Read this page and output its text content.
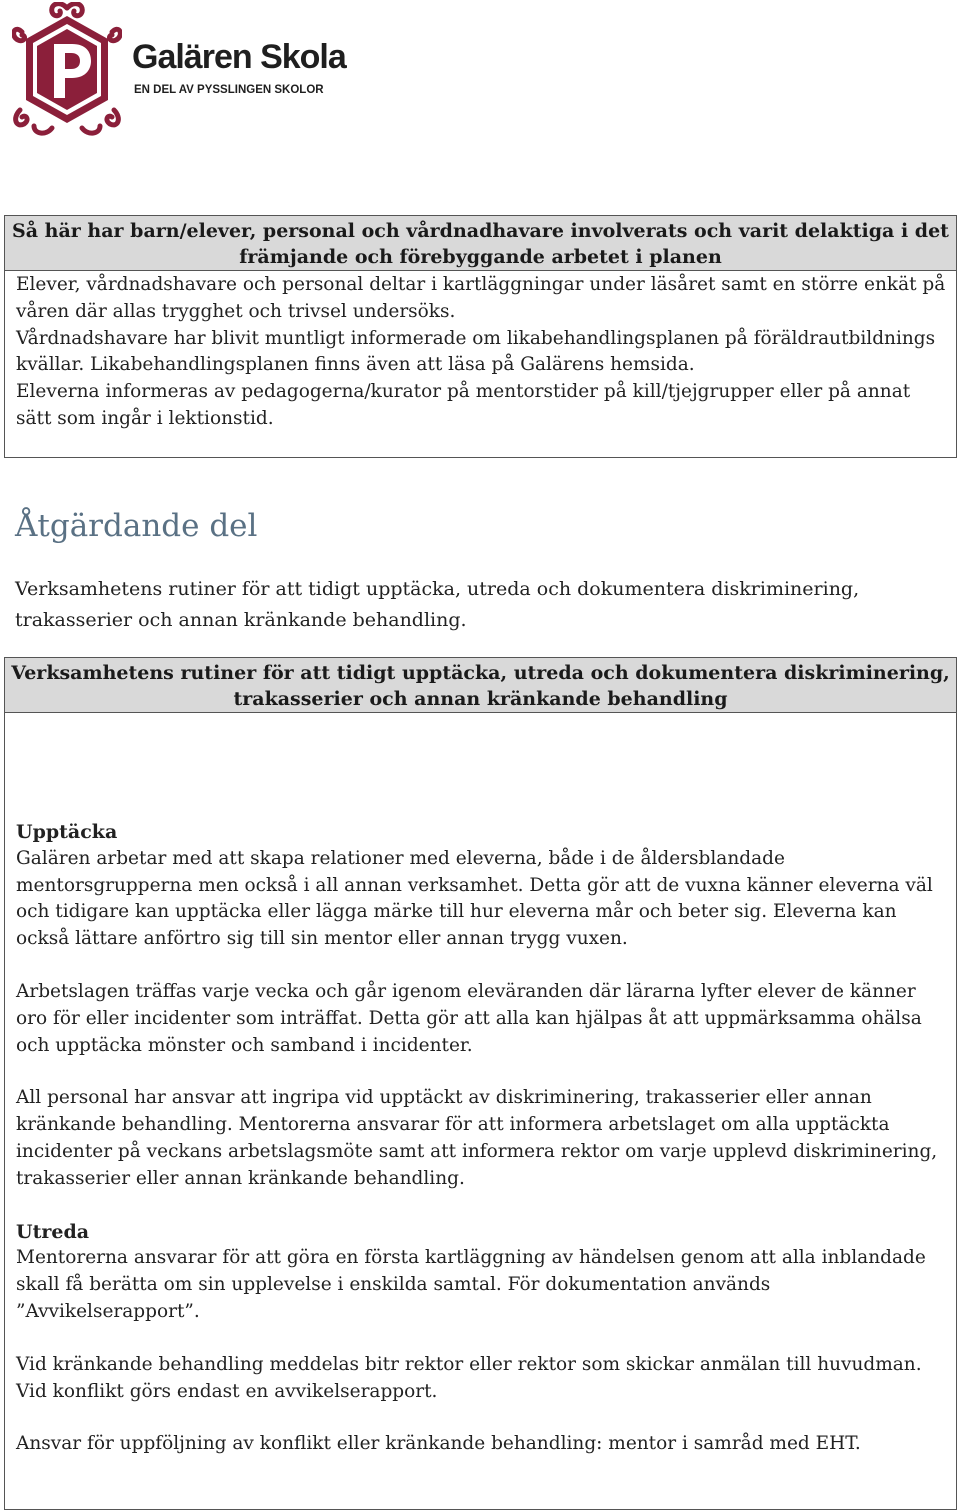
Galären Skola
EN DEL AV PYSSLINGEN SKOLOR
Så här har barn/elever, personal och vårdnadhavare involverats och varit delaktiga i det främjande och förebyggande arbetet i planen

Elever, vårdnadshavare och personal deltar i kartläggningar under läsåret samt en större enkät på våren där allas trygghet och trivsel undersöks.

Vårdnadshavare har blivit muntligt informerade om likabehandlingsplanen på föräldrautbildnings kvällar. Likabehandlingsplanen finns även att läsa på Galärens hemsida.

Eleverna informeras av pedagogerna/kurator på mentorstider på kill/tjejgrupper eller på annat sätt som ingår i lektionstid.

Åtgärdande del

Verksamhetens rutiner för att tidigt upptäcka, utreda och dokumentera diskriminering, trakasserier och annan kränkande behandling.

Verksamhetens rutiner för att tidigt upptäcka, utreda och dokumentera diskriminering, trakasserier och annan kränkande behandling
Upptäcka

Galären arbetar med att skapa relationer med eleverna, både i de åldersblandade mentorsgrupperna men också i all annan verksamhet. Detta gör att de vuxna känner eleverna väl och tidigare kan upptäcka eller lägga märke till hur eleverna mår och beter sig. Eleverna kan också lättare anförtro sig till sin mentor eller annan trygg vuxen.

Arbetslagen träffas varje vecka och går igenom eleväranden där lärarna lyfter elever de känner oro för eller incidenter som inträffat. Detta gör att alla kan hjälpas åt att uppmärksamma ohälsa och upptäcka mönster och samband i incidenter.

All personal har ansvar att ingripa vid upptäckt av diskriminering, trakasserier eller annan kränkande behandling. Mentorerna ansvarar för att informera arbetslaget om alla upptäckta incidenter på veckans arbetslagsmöte samt att informera rektor om varje upplevd diskriminering, trakasserier eller annan kränkande behandling.

Utreda

Mentorerna ansvarar för att göra en första kartläggning av händelsen genom att alla inblandade skall få berätta om sin upplevelse i enskilda samtal. För dokumentation används ”Avvikelserapport”.

Vid kränkande behandling meddelas bitr rektor eller rektor som skickar anmälan till huvudman. Vid konflikt görs endast en avvikelserapport.

Ansvar för uppföljning av konflikt eller kränkande behandling: mentor i samråd med EHT.
